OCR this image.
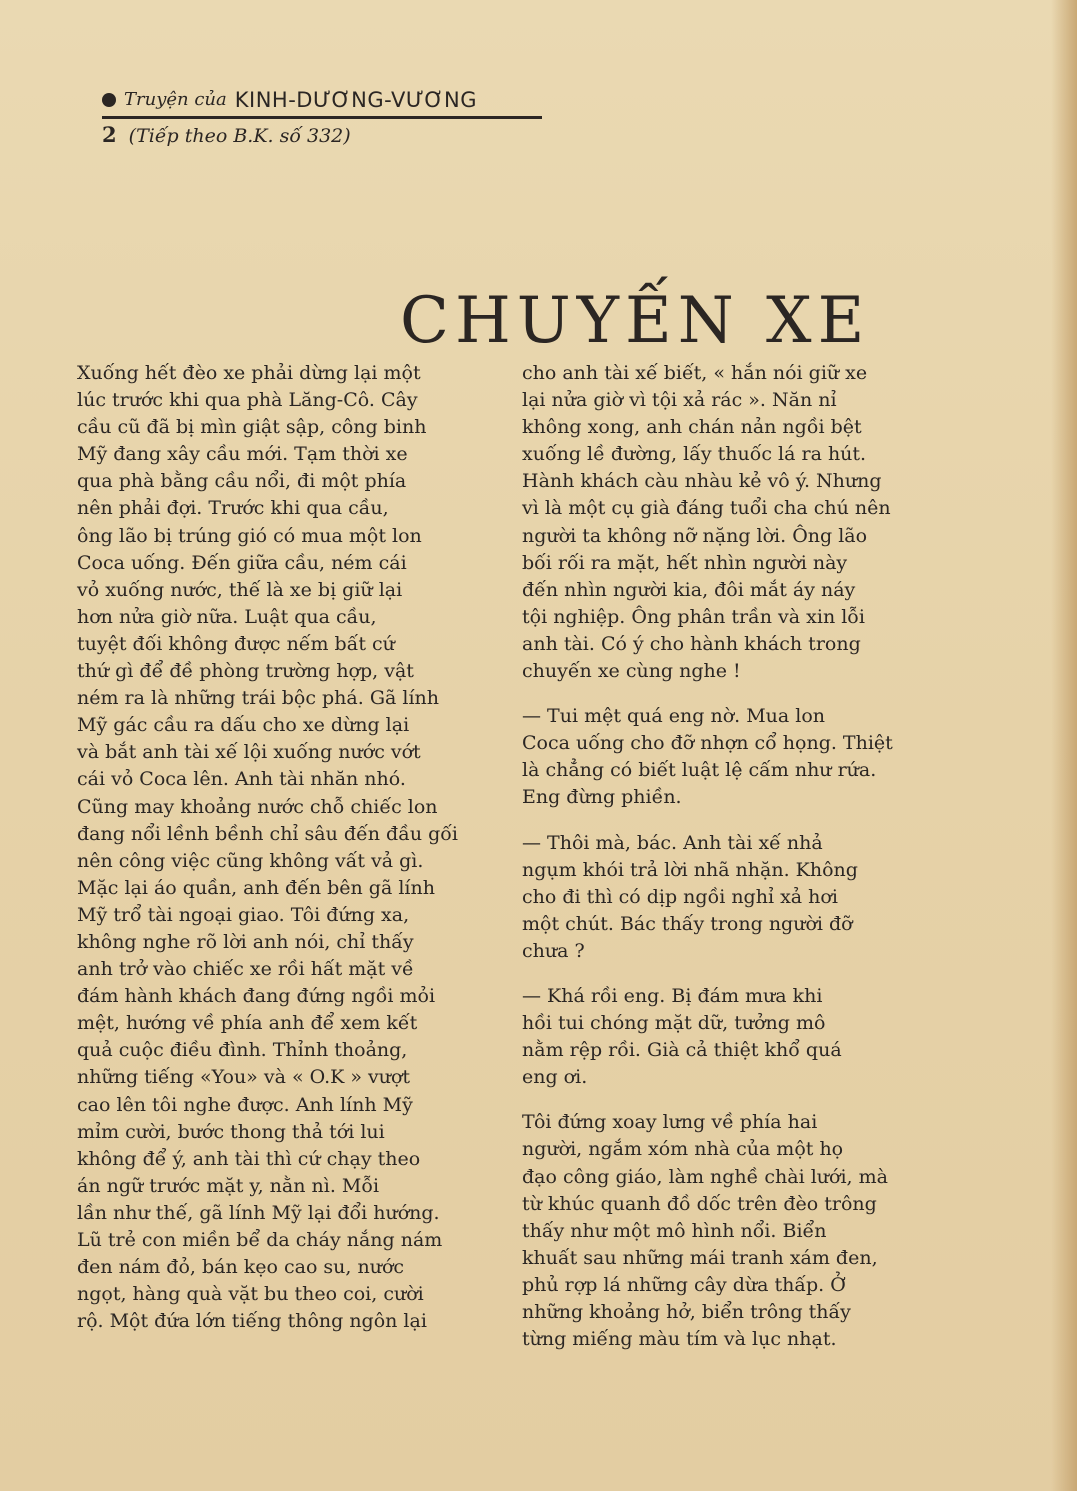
Truyện của KINH-DƯƠNG-VƯƠNG
2 (Tiếp theo B.K. số 332)
CHUYẾN XE

Xuống hết đèo xe phải dừng lại một
lúc trước khi qua phà Lăng-Cô. Cây
cầu cũ đã bị mìn giật sập, công binh
Mỹ đang xây cầu mới. Tạm thời xe
qua phà bằng cầu nổi, đi một phía
nên phải đợi. Trước khi qua cầu,
ông lão bị trúng gió có mua một lon
Coca uống. Đến giữa cầu, ném cái
vỏ xuống nước, thế là xe bị giữ lại
hơn nửa giờ nữa. Luật qua cầu,
tuyệt đối không được nếm bất cứ
thứ gì để đề phòng trường hợp, vật
ném ra là những trái bộc phá. Gã lính
Mỹ gác cầu ra dấu cho xe dừng lại
và bắt anh tài xế lội xuống nước vớt
cái vỏ Coca lên. Anh tài nhăn nhó.
Cũng may khoảng nước chỗ chiếc lon
đang nổi lềnh bềnh chỉ sâu đến đầu gối
nên công việc cũng không vất vả gì.
Mặc lại áo quần, anh đến bên gã lính
Mỹ trổ tài ngoại giao. Tôi đứng xa,
không nghe rõ lời anh nói, chỉ thấy
anh trở vào chiếc xe rồi hất mặt về
đám hành khách đang đứng ngồi mỏi
mệt, hướng về phía anh để xem kết
quả cuộc điều đình. Thỉnh thoảng,
những tiếng «You» và « O.K » vượt
cao lên tôi nghe được. Anh lính Mỹ
mỉm cười, bước thong thả tới lui
không để ý, anh tài thì cứ chạy theo
án ngữ trước mặt y, nằn nì. Mỗi
lần như thế, gã lính Mỹ lại đổi hướng.
Lũ trẻ con miền bể da cháy nắng nám
đen nám đỏ, bán kẹo cao su, nước
ngọt, hàng quà vặt bu theo coi, cười
rộ. Một đứa lớn tiếng thông ngôn lại

cho anh tài xế biết, « hắn nói giữ xe
lại nửa giờ vì tội xả rác ». Năn nỉ
không xong, anh chán nản ngồi bệt
xuống lề đường, lấy thuốc lá ra hút.
Hành khách càu nhàu kẻ vô ý. Nhưng
vì là một cụ già đáng tuổi cha chú nên
người ta không nỡ nặng lời. Ông lão
bối rối ra mặt, hết nhìn người này
đến nhìn người kia, đôi mắt áy náy
tội nghiệp. Ông phân trần và xin lỗi
anh tài. Có ý cho hành khách trong
chuyến xe cùng nghe !

— Tui mệt quá eng nờ. Mua lon
Coca uống cho đỡ nhợn cổ họng. Thiệt
là chẳng có biết luật lệ cấm như rứa.
Eng đừng phiền.

— Thôi mà, bác. Anh tài xế nhả
ngụm khói trả lời nhã nhặn. Không
cho đi thì có dịp ngồi nghỉ xả hơi
một chút. Bác thấy trong người đỡ
chưa ?

— Khá rồi eng. Bị đám mưa khi
hồi tui chóng mặt dữ, tưởng mô
nằm rệp rồi. Già cả thiệt khổ quá
eng ơi.

Tôi đứng xoay lưng về phía hai
người, ngắm xóm nhà của một họ
đạo công giáo, làm nghề chài lưới, mà
từ khúc quanh đồ dốc trên đèo trông
thấy như một mô hình nổi. Biển
khuất sau những mái tranh xám đen,
phủ rợp lá những cây dừa thấp. Ở
những khoảng hở, biển trông thấy
từng miếng màu tím và lục nhạt.
